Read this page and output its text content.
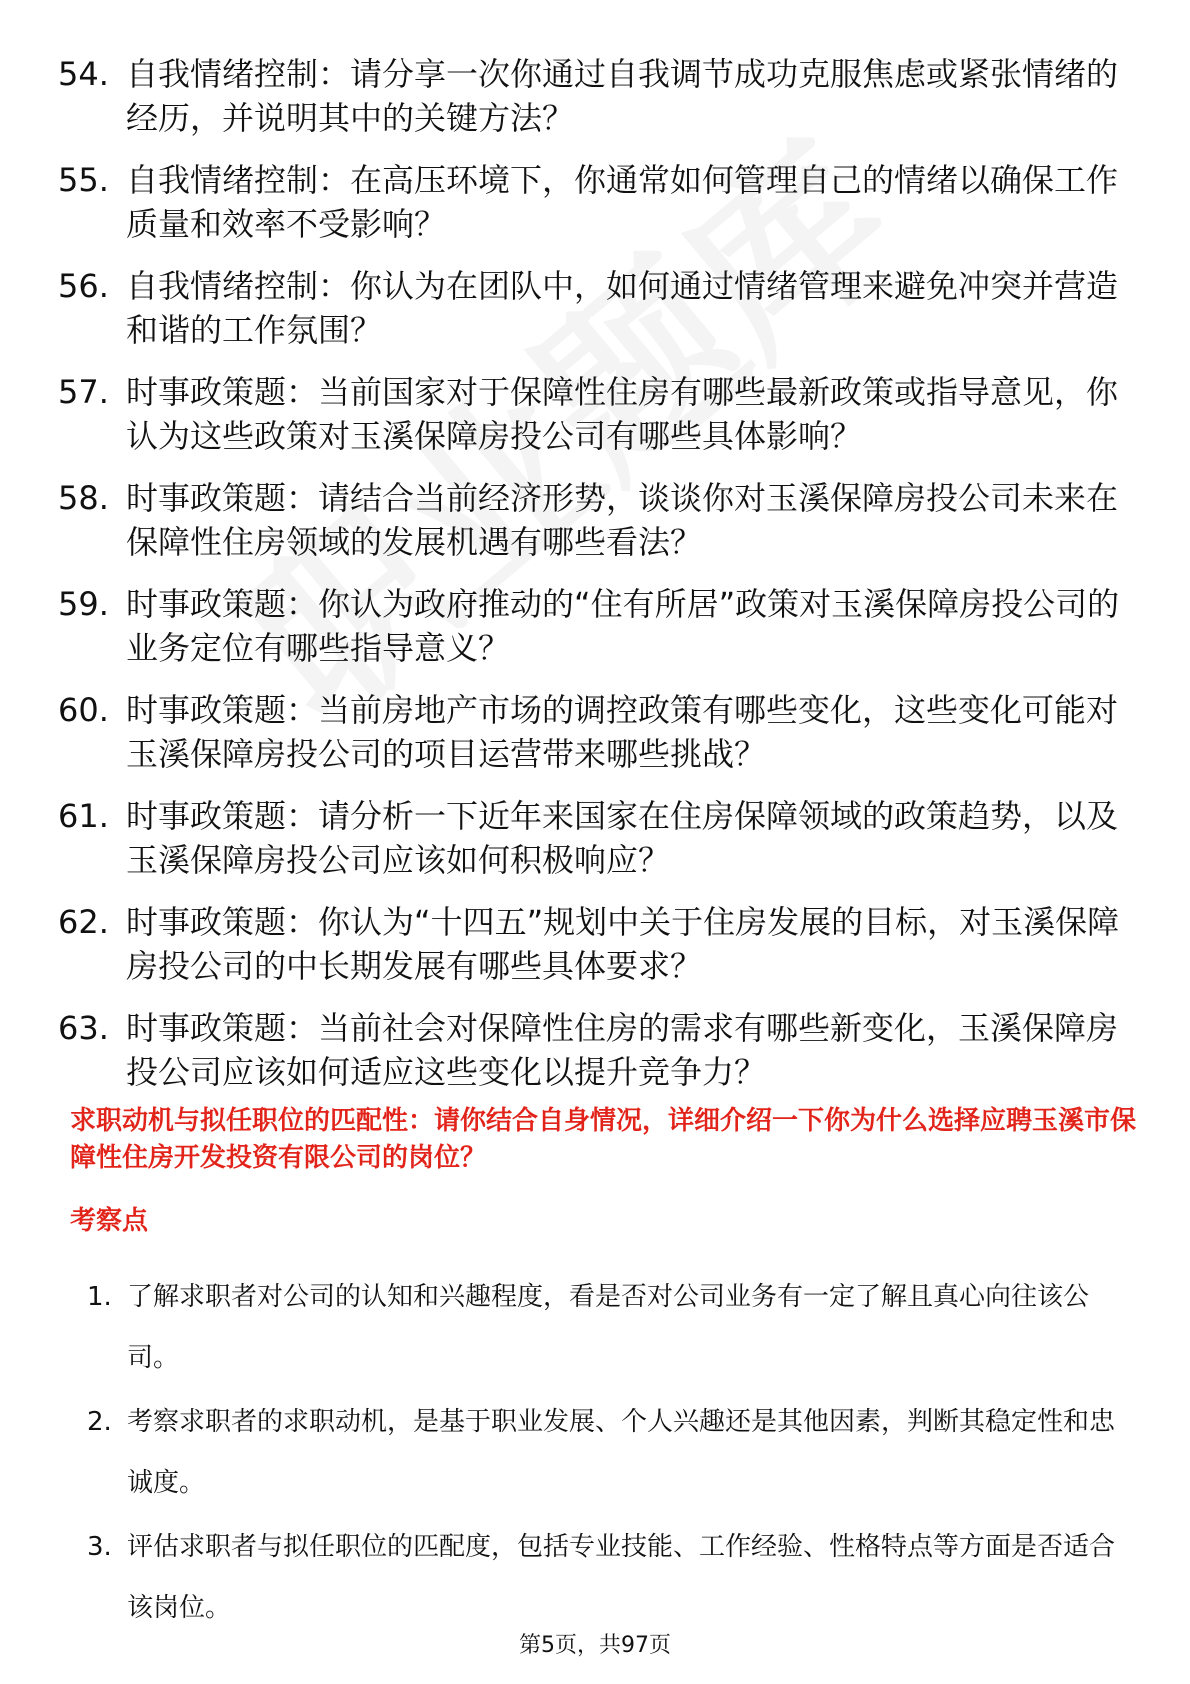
54. 自我情绪控制：请分享一次你通过自我调节成功克服焦虑或紧张情绪的经历，并说明其中的关键方法？
55. 自我情绪控制：在高压环境下，你通常如何管理自己的情绪以确保工作质量和效率不受影响？
56. 自我情绪控制：你认为在团队中，如何通过情绪管理来避免冲突并营造和谐的工作氛围？
57. 时事政策题：当前国家对于保障性住房有哪些最新政策或指导意见，你认为这些政策对玉溪保障房投公司有哪些具体影响？
58. 时事政策题：请结合当前经济形势，谈谈你对玉溪保障房投公司未来在保障性住房领域的发展机遇有哪些看法？
59. 时事政策题：你认为政府推动的“住有所居”政策对玉溪保障房投公司的业务定位有哪些指导意义？
60. 时事政策题：当前房地产市场的调控政策有哪些变化，这些变化可能对玉溪保障房投公司的项目运营带来哪些挑战？
61. 时事政策题：请分析一下近年来国家在住房保障领域的政策趋势，以及玉溪保障房投公司应该如何积极响应？
62. 时事政策题：你认为“十四五”规划中关于住房发展的目标，对玉溪保障房投公司的中长期发展有哪些具体要求？
63. 时事政策题：当前社会对保障性住房的需求有哪些新变化，玉溪保障房投公司应该如何适应这些变化以提升竞争力？
求职动机与拟任职位的匹配性：请你结合自身情况，详细介绍一下你为什么选择应聘玉溪市保障性住房开发投资有限公司的岗位？
考察点
1. 了解求职者对公司的认知和兴趣程度，看是否对公司业务有一定了解且真心向往该公司。
2. 考察求职者的求职动机，是基于职业发展、个人兴趣还是其他因素，判断其稳定性和忠诚度。
3. 评估求职者与拟任职位的匹配度，包括专业技能、工作经验、性格特点等方面是否适合该岗位。
第5页，共97页
